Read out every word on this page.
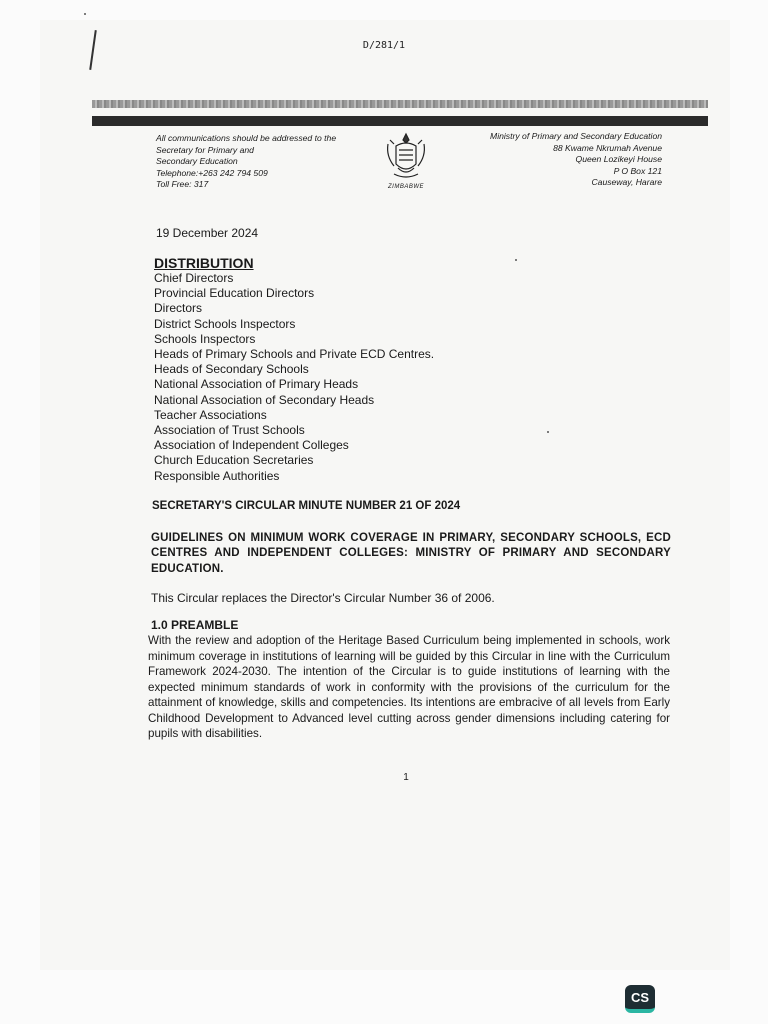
D/281/1
All communications should be addressed to the
Secretary for Primary and
Secondary Education
Telephone:+263 242 794 509
Toll Free: 317	ZIMBABWE
Ministry of Primary and Secondary Education
88 Kwame Nkrumah Avenue
Queen Lozikeyi House
P O Box 121
Causeway, Harare
19 December 2024
DISTRIBUTION
Chief Directors
Provincial Education Directors
Directors
District Schools Inspectors
Schools Inspectors
Heads of Primary Schools and Private ECD Centres.
Heads of Secondary Schools
National Association of Primary Heads
National Association of Secondary Heads
Teacher Associations
Association of Trust Schools
Association of Independent Colleges
Church Education Secretaries
Responsible Authorities
SECRETARY'S CIRCULAR MINUTE NUMBER 21 OF 2024
GUIDELINES ON MINIMUM WORK COVERAGE IN PRIMARY, SECONDARY SCHOOLS, ECD CENTRES AND INDEPENDENT COLLEGES: MINISTRY OF PRIMARY AND SECONDARY EDUCATION.
This Circular replaces the Director's Circular Number 36 of 2006.
1.0 PREAMBLE
With the review and adoption of the Heritage Based Curriculum being implemented in schools, work minimum coverage in institutions of learning will be guided by this Circular in line with the Curriculum Framework 2024-2030. The intention of the Circular is to guide institutions of learning with the expected minimum standards of work in conformity with the provisions of the curriculum for the attainment of knowledge, skills and competencies. Its intentions are embracive of all levels from Early Childhood Development to Advanced level cutting across gender dimensions including catering for pupils with disabilities.
1
CS
